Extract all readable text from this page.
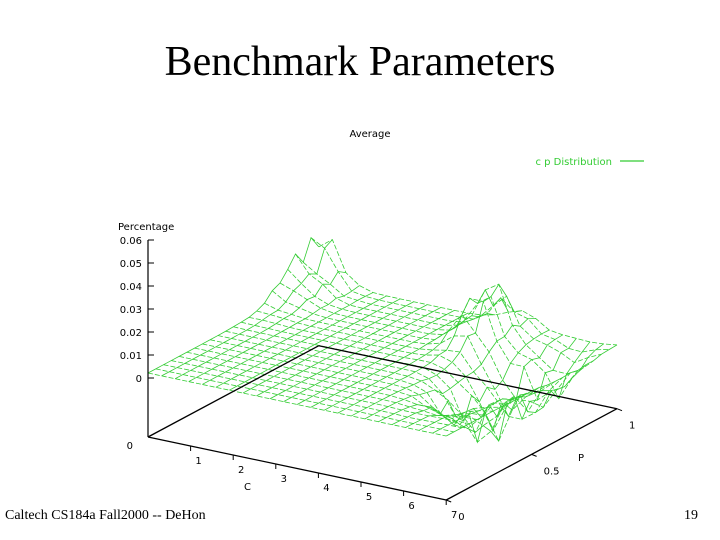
Benchmark Parameters
Average
c p Distribution
Percentage
C
P
0
0.01
0.02
0.03
0.04
0.05
0.06
0
1
2
3
4
5
6
7 0
0.5
1
Caltech CS184a Fall2000 -- DeHon	19
